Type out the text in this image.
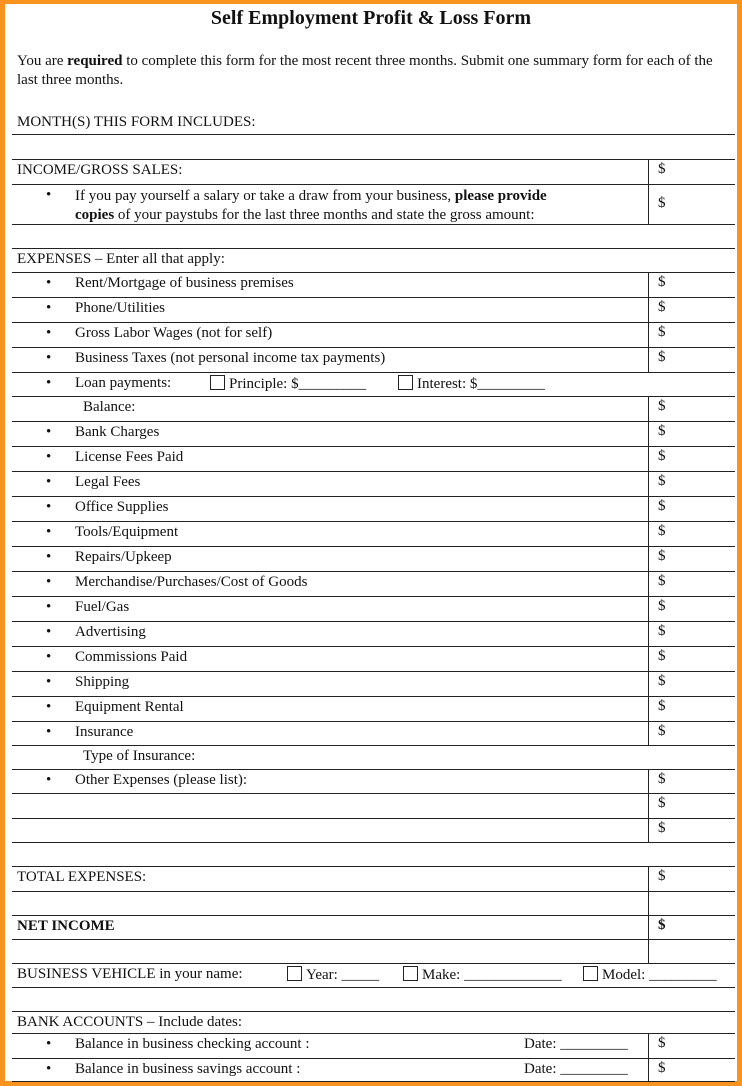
Self Employment Profit & Loss Form
You are required to complete this form for the most recent three months. Submit one summary form for each of the last three months.
MONTH(S) THIS FORM INCLUDES:
INCOME/GROSS SALES:	$
• If you pay yourself a salary or take a draw from your business, please provide
copies of your paystubs for the last three months and state the gross amount:
$
EXPENSES – Enter all that apply:
• Rent/Mortgage of business premises	$
• Phone/Utilities	$
• Gross Labor Wages (not for self)	$
• Business Taxes (not personal income tax payments)	$
• Loan payments:	Principle: $_________	Interest: $_________
Balance:	$
• Bank Charges	$
• License Fees Paid	$
• Legal Fees	$
• Office Supplies	$
• Tools/Equipment	$
• Repairs/Upkeep	$
• Merchandise/Purchases/Cost of Goods	$
• Fuel/Gas	$
• Advertising	$
• Commissions Paid	$
• Shipping	$
• Equipment Rental	$
• Insurance	$
Type of Insurance:
• Other Expenses (please list):	$
$
$
TOTAL EXPENSES:	$
NET INCOME	$
BUSINESS VEHICLE in your name:	Year: _____	Make: _____________	Model: _________
BANK ACCOUNTS – Include dates:
• Balance in business checking account :	Date: _________ $
• Balance in business savings account :	Date: _________ $
